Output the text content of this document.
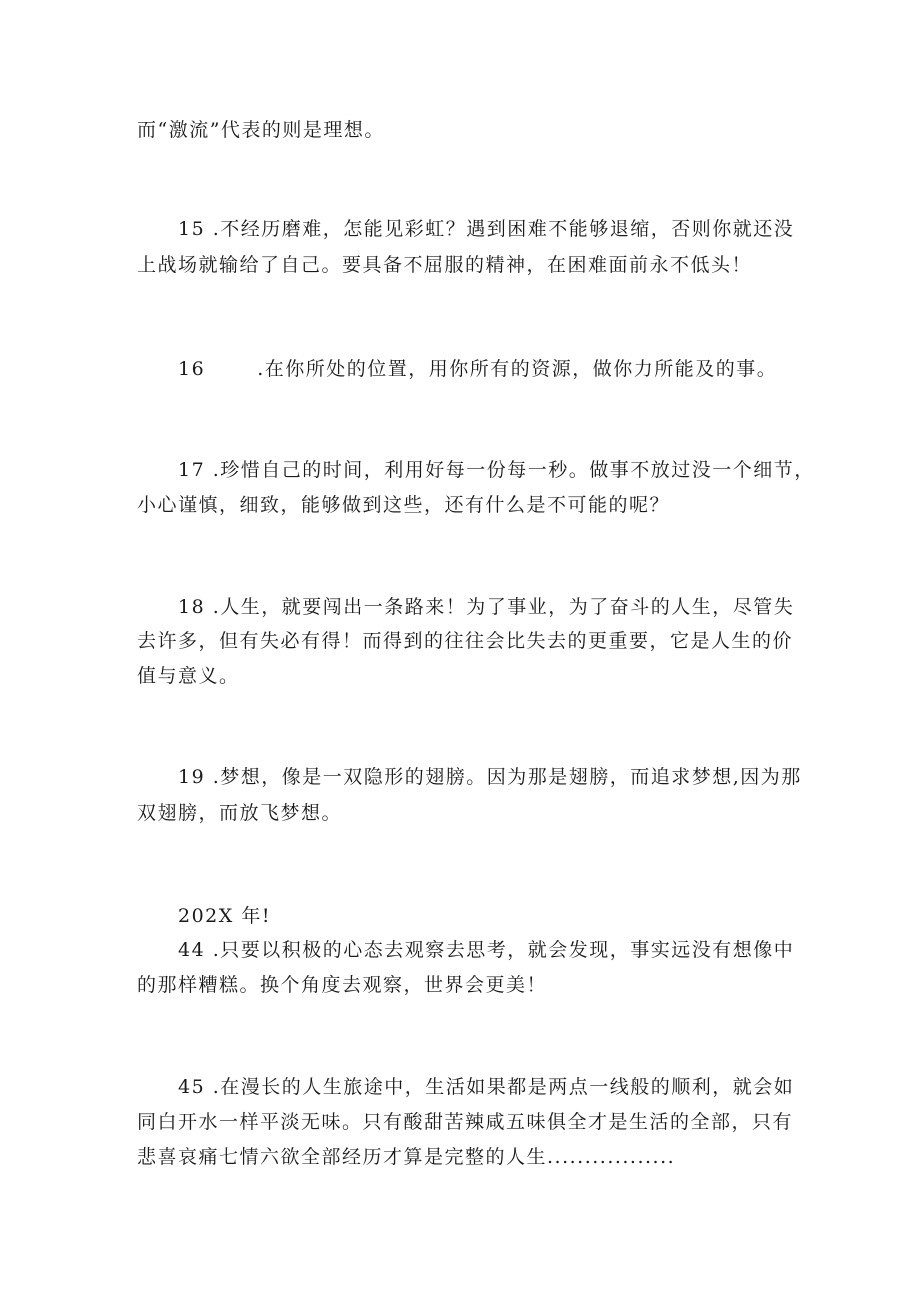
而“激流”代表的则是理想。
15 .不经历磨难，怎能见彩虹？遇到困难不能够退缩，否则你就还没
上战场就输给了自己。要具备不屈服的精神，在困难面前永不低头！
16	.在你所处的位置，用你所有的资源，做你力所能及的事。
17 .珍惜自己的时间，利用好每一份每一秒。做事不放过没一个细节，
小心谨慎，细致，能够做到这些，还有什么是不可能的呢？
18 .人生，就要闯出一条路来！为了事业，为了奋斗的人生，尽管失
去许多，但有失必有得！而得到的往往会比失去的更重要，它是人生的价
值与意义。
19 .梦想，像是一双隐形的翅膀。因为那是翅膀，而追求梦想,因为那
双翅膀，而放飞梦想。
202X 年!
44 .只要以积极的心态去观察去思考，就会发现，事实远没有想像中
的那样糟糕。换个角度去观察，世界会更美！
45 .在漫长的人生旅途中，生活如果都是两点一线般的顺利，就会如
同白开水一样平淡无味。只有酸甜苦辣咸五味俱全才是生活的全部，只有
悲喜哀痛七情六欲全部经历才算是完整的人生.................
